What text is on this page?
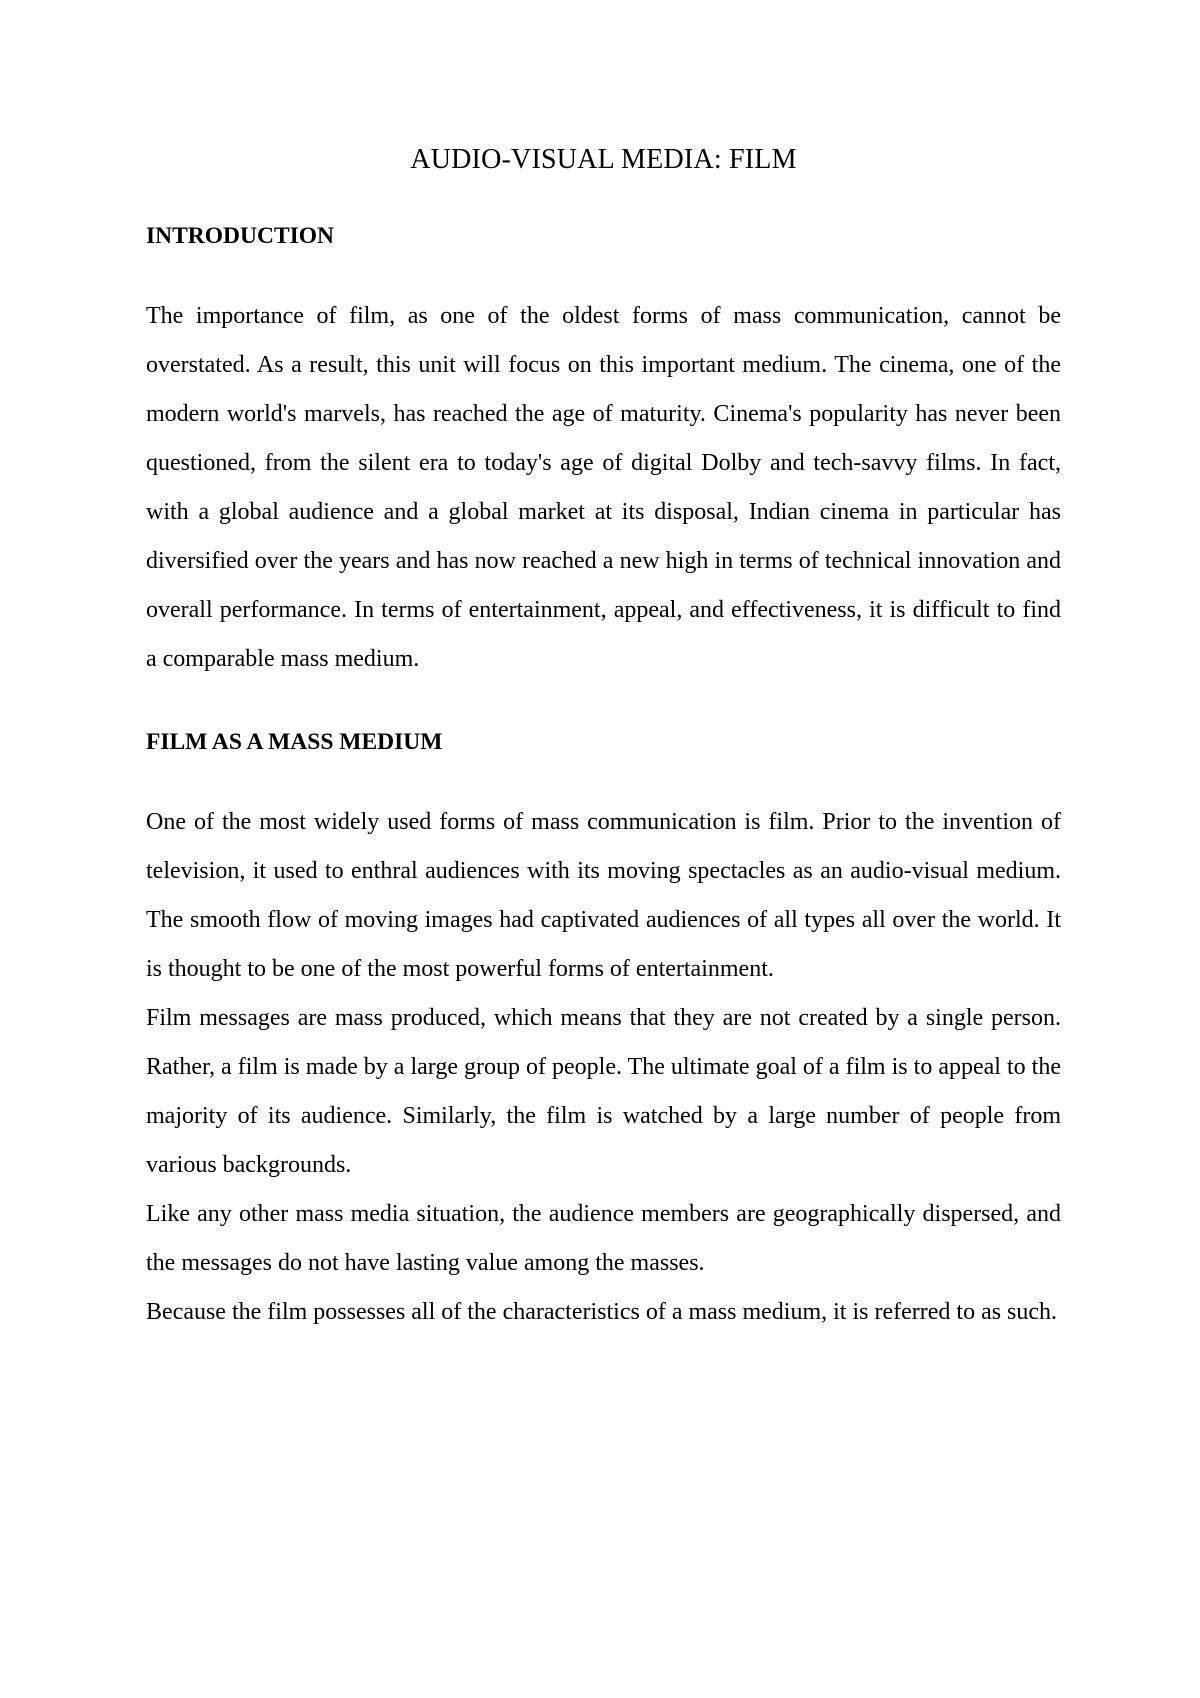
AUDIO-VISUAL MEDIA: FILM
INTRODUCTION

The importance of film, as one of the oldest forms of mass communication, cannot be overstated. As a result, this unit will focus on this important medium. The cinema, one of the modern world's marvels, has reached the age of maturity. Cinema's popularity has never been questioned, from the silent era to today's age of digital Dolby and tech-savvy films. In fact, with a global audience and a global market at its disposal, Indian cinema in particular has diversified over the years and has now reached a new high in terms of technical innovation and overall performance. In terms of entertainment, appeal, and effectiveness, it is difficult to find a comparable mass medium.

FILM AS A MASS MEDIUM

One of the most widely used forms of mass communication is film. Prior to the invention of television, it used to enthral audiences with its moving spectacles as an audio-visual medium. The smooth flow of moving images had captivated audiences of all types all over the world. It is thought to be one of the most powerful forms of entertainment.

Film messages are mass produced, which means that they are not created by a single person. Rather, a film is made by a large group of people. The ultimate goal of a film is to appeal to the majority of its audience. Similarly, the film is watched by a large number of people from various backgrounds.

Like any other mass media situation, the audience members are geographically dispersed, and the messages do not have lasting value among the masses.

Because the film possesses all of the characteristics of a mass medium, it is referred to as such.
